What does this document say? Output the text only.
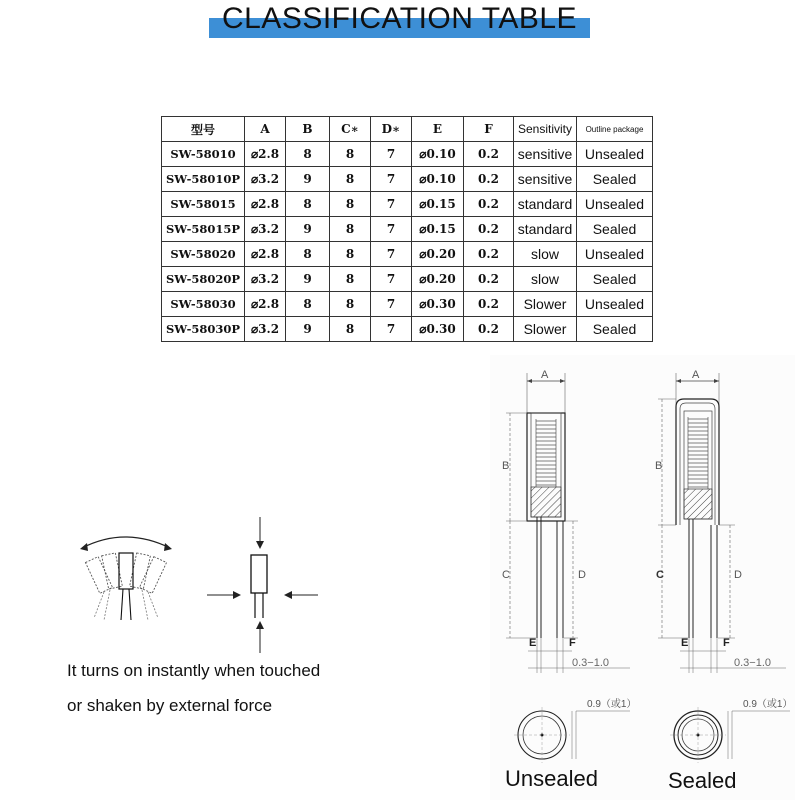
CLASSIFICATION TABLE
型号	A	B	C∗	D∗	E	F	Sensitivity	Outline package
SW-58010	⌀2.8	8	8	7	⌀0.10	0.2	sensitive	Unsealed
SW-58010P	⌀3.2	9	8	7	⌀0.10	0.2	sensitive	Sealed
SW-58015	⌀2.8	8	8	7	⌀0.15	0.2	standard	Unsealed
SW-58015P	⌀3.2	9	8	7	⌀0.15	0.2	standard	Sealed
SW-58020	⌀2.8	8	8	7	⌀0.20	0.2	slow	Unsealed
SW-58020P	⌀3.2	9	8	7	⌀0.20	0.2	slow	Sealed
SW-58030	⌀2.8	8	8	7	⌀0.30	0.2	Slower	Unsealed
SW-58030P	⌀3.2	9	8	7	⌀0.30	0.2	Slower	Sealed
It turns on instantly when touched
or shaken by external force
A
B
C	D
E	F
0.3−1.0
0.9（或1）
A
B
C	D
E	F
0.3−1.0
0.9（或1）
Unsealed	Sealed
